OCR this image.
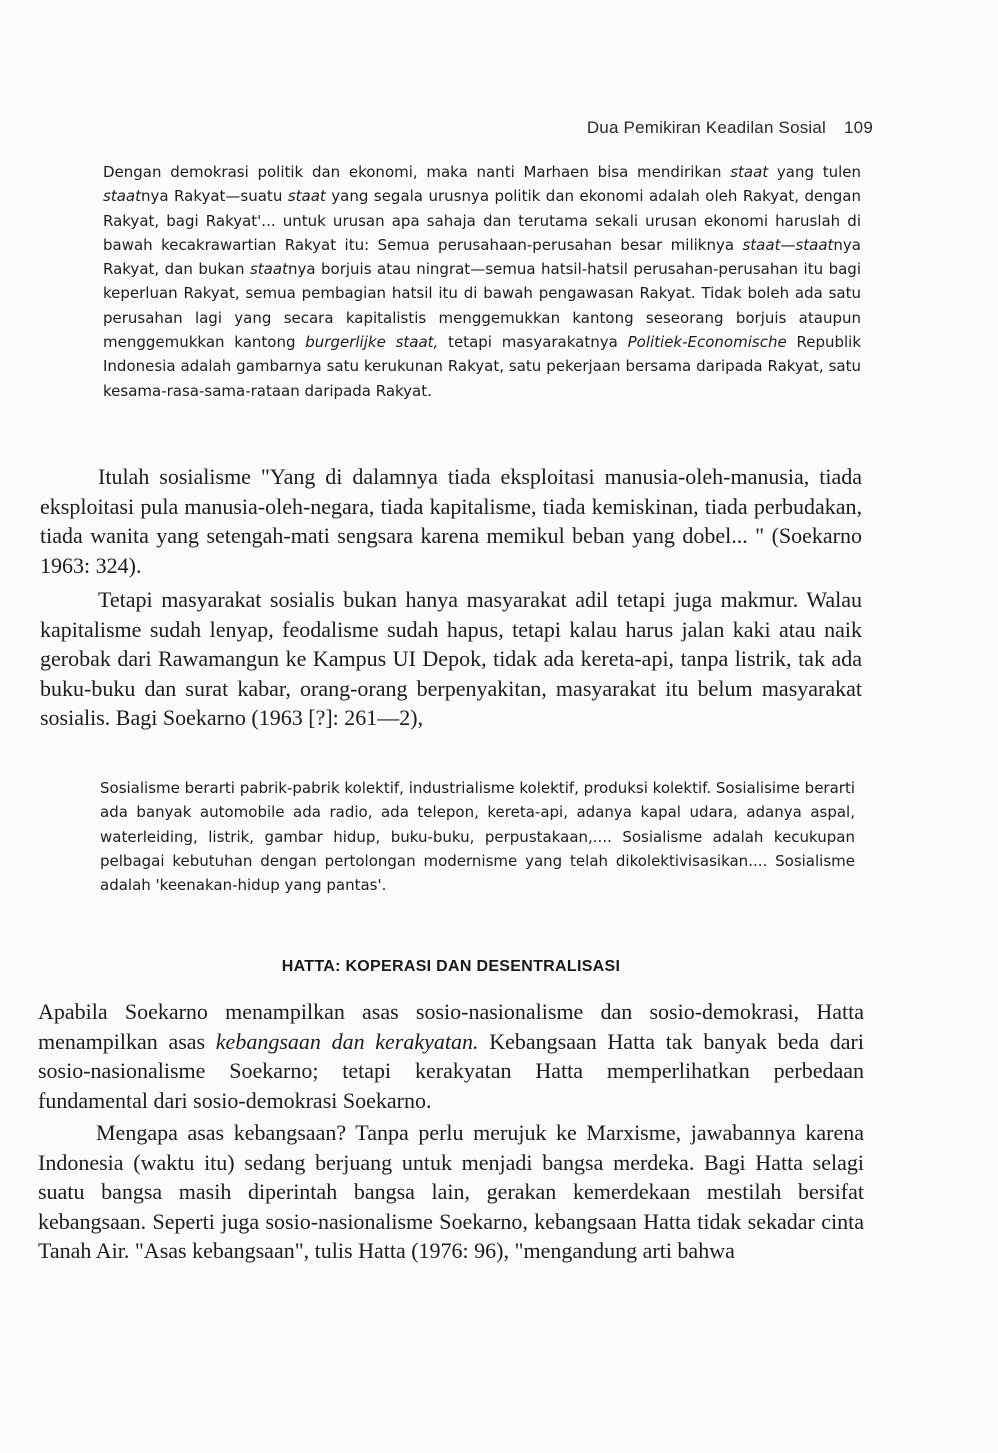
Dua Pemikiran Keadilan Sosial 109
Dengan demokrasi politik dan ekonomi, maka nanti Marhaen bisa mendirikan staat yang tulen staatnya Rakyat—suatu staat yang segala urusnya politik dan ekonomi adalah oleh Rakyat, dengan Rakyat, bagi Rakyat'... untuk urusan apa sahaja dan terutama sekali urusan ekonomi haruslah di bawah kecakrawartian Rakyat itu: Semua perusahaan-perusahan besar miliknya staat—staatnya Rakyat, dan bukan staatnya borjuis atau ningrat—semua hatsil-hatsil perusahan-perusahan itu bagi keperluan Rakyat, semua pembagian hatsil itu di bawah pengawasan Rakyat. Tidak boleh ada satu perusahan lagi yang secara kapitalistis menggemukkan kantong seseorang borjuis ataupun menggemukkan kantong burgerlijke staat, tetapi masyarakatnya Politiek-Economische Republik Indonesia adalah gambarnya satu kerukunan Rakyat, satu pekerjaan bersama daripada Rakyat, satu kesama-rasa-sama-rataan daripada Rakyat.
Itulah sosialisme "Yang di dalamnya tiada eksploitasi manusia-oleh-manusia, tiada eksploitasi pula manusia-oleh-negara, tiada kapitalisme, tiada kemiskinan, tiada perbudakan, tiada wanita yang setengah-mati sengsara karena memikul beban yang dobel... " (Soekarno 1963: 324).
Tetapi masyarakat sosialis bukan hanya masyarakat adil tetapi juga makmur. Walau kapitalisme sudah lenyap, feodalisme sudah hapus, tetapi kalau harus jalan kaki atau naik gerobak dari Rawamangun ke Kampus UI Depok, tidak ada kereta-api, tanpa listrik, tak ada buku-buku dan surat kabar, orang-orang berpenyakitan, masyarakat itu belum masyarakat sosialis. Bagi Soekarno (1963 [?]: 261—2),
Sosialisme berarti pabrik-pabrik kolektif, industrialisme kolektif, produksi kolektif. Sosialisime berarti ada banyak automobile ada radio, ada telepon, kereta-api, adanya kapal udara, adanya aspal, waterleiding, listrik, gambar hidup, buku-buku, perpustakaan,.... Sosialisme adalah kecukupan pelbagai kebutuhan dengan pertolongan modernisme yang telah dikolektivisasikan.... Sosialisme adalah 'keenakan-hidup yang pantas'.
HATTA: KOPERASI DAN DESENTRALISASI
Apabila Soekarno menampilkan asas sosio-nasionalisme dan sosio-demokrasi, Hatta menampilkan asas kebangsaan dan kerakyatan. Kebangsaan Hatta tak banyak beda dari sosio-nasionalisme Soekarno; tetapi kerakyatan Hatta memperlihatkan perbedaan fundamental dari sosio-demokrasi Soekarno.
Mengapa asas kebangsaan? Tanpa perlu merujuk ke Marxisme, jawabannya karena Indonesia (waktu itu) sedang berjuang untuk menjadi bangsa merdeka. Bagi Hatta selagi suatu bangsa masih diperintah bangsa lain, gerakan kemerdekaan mestilah bersifat kebangsaan. Seperti juga sosio-nasionalisme Soekarno, kebangsaan Hatta tidak sekadar cinta Tanah Air. "Asas kebangsaan", tulis Hatta (1976: 96), "mengandung arti bahwa
